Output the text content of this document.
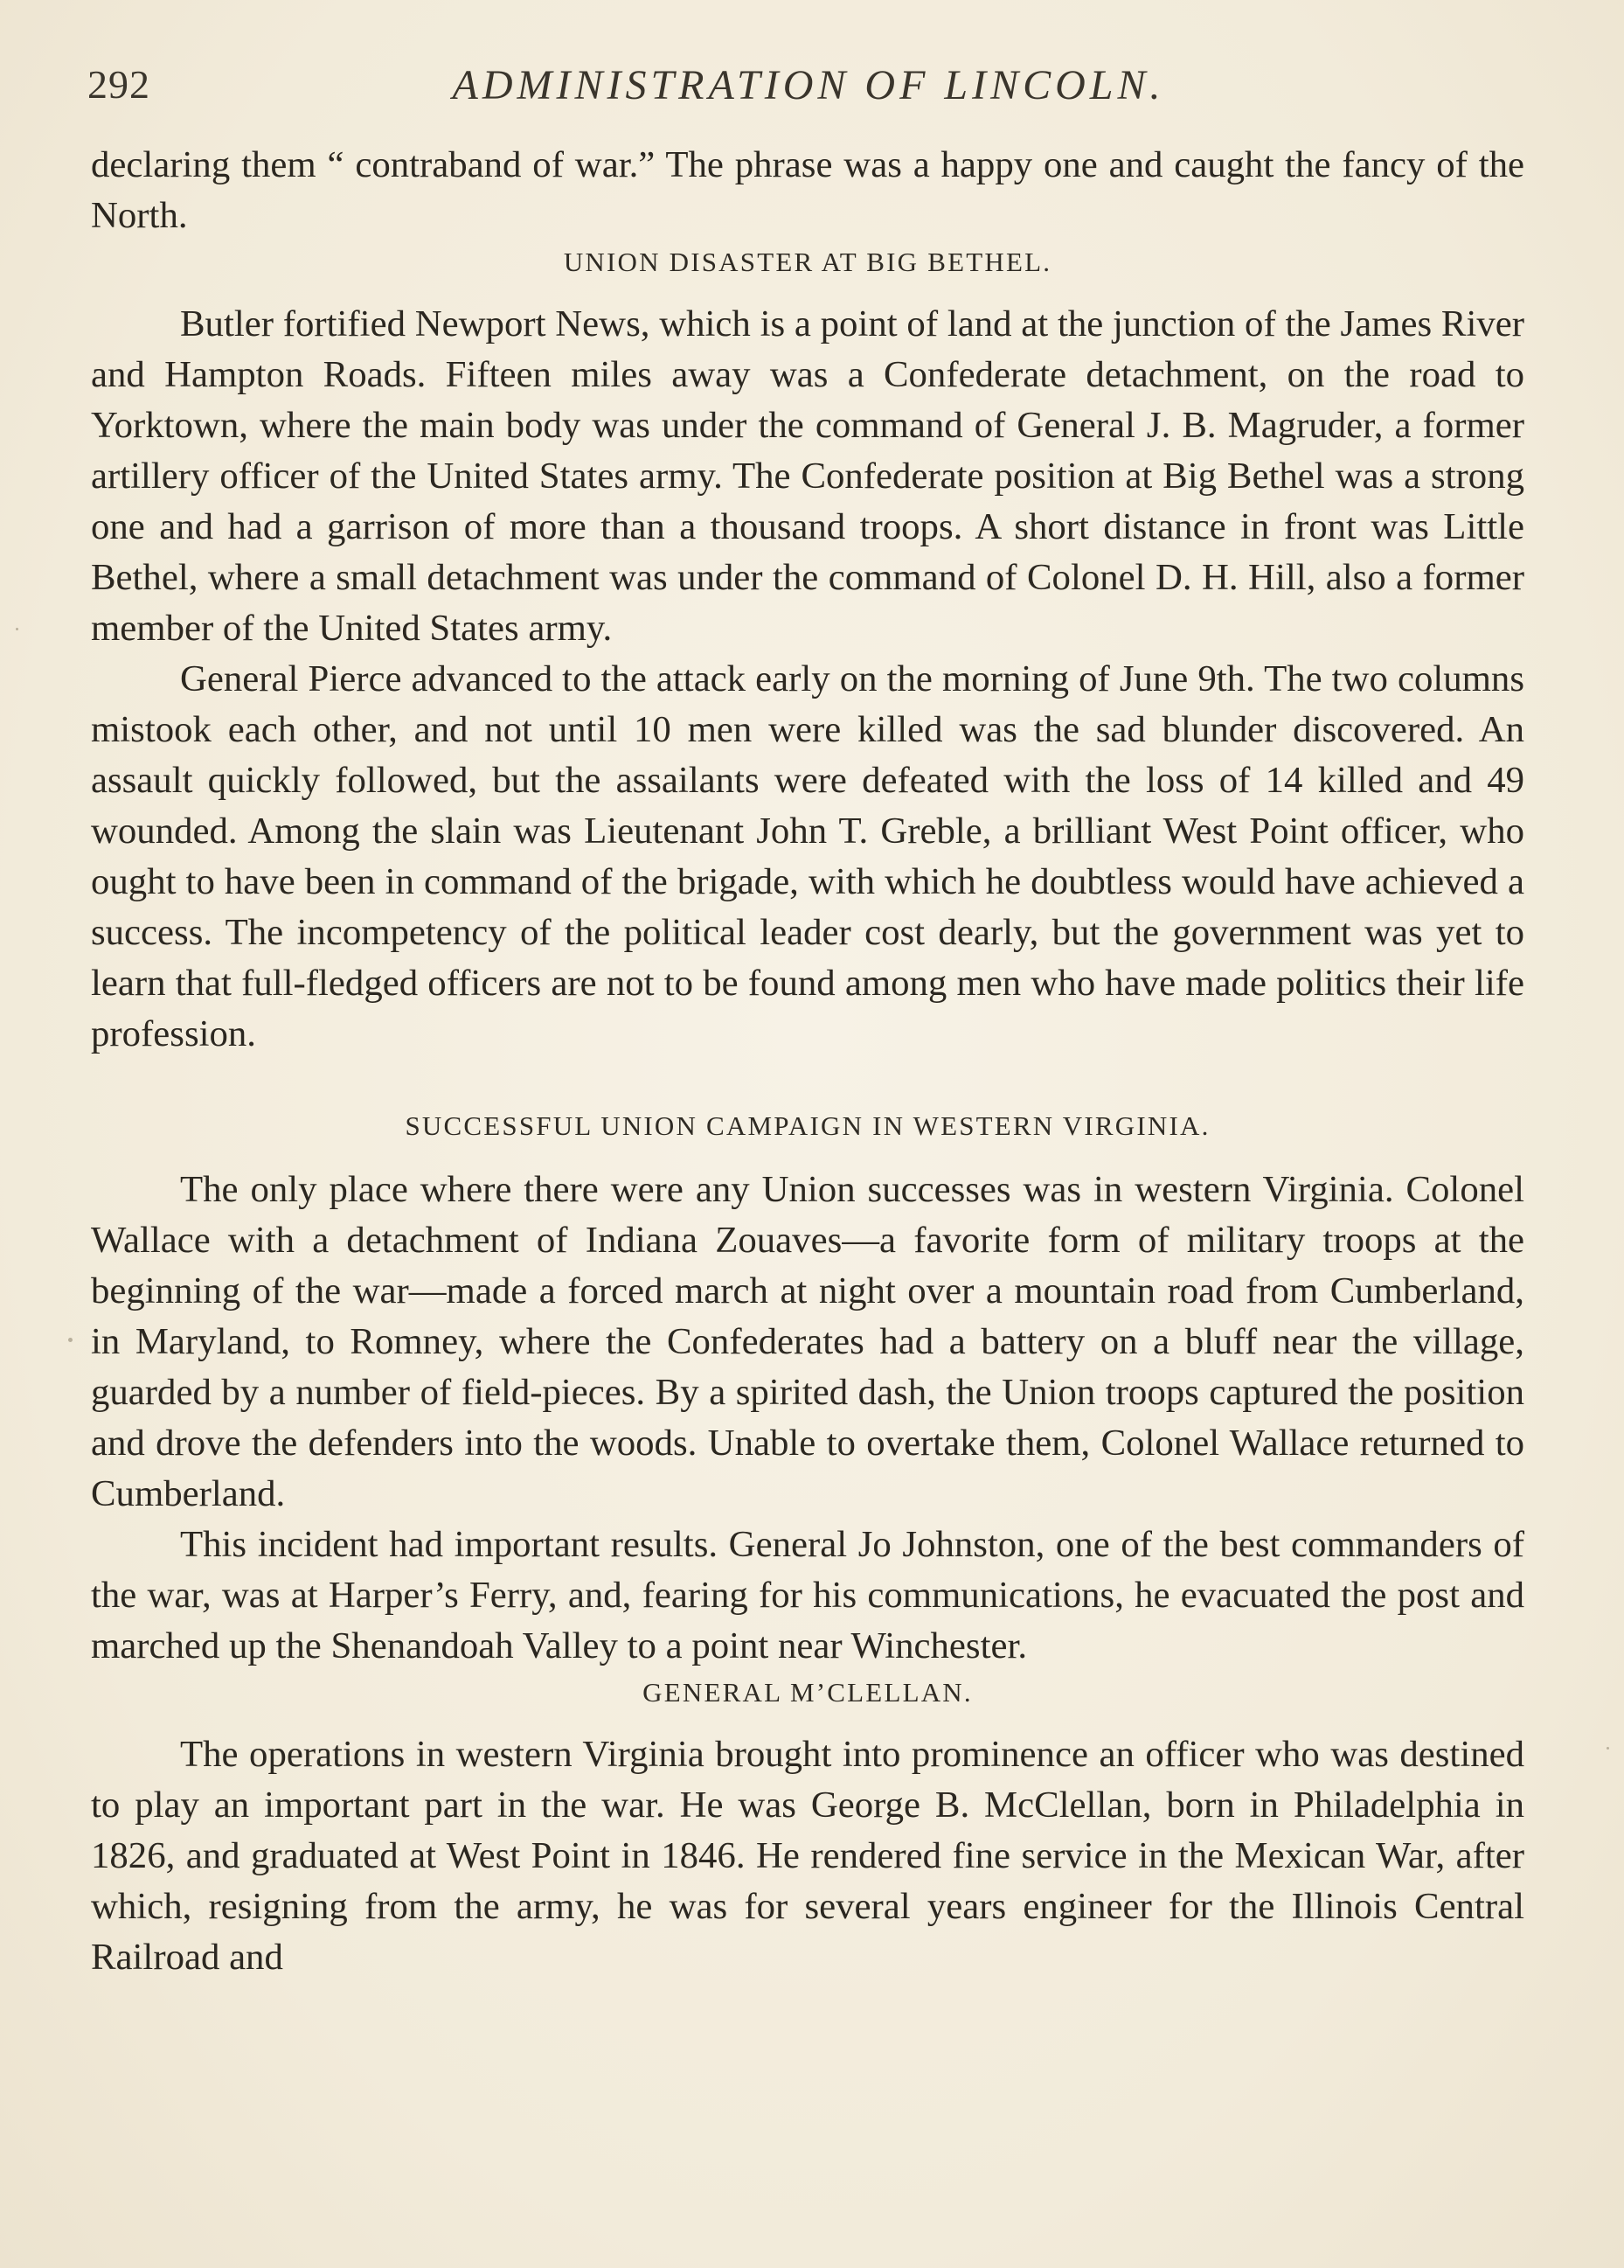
292	ADMINISTRATION OF LINCOLN.

declaring them “ contraband of war.” The phrase was a happy one and caught the fancy of the North.

UNION DISASTER AT BIG BETHEL.

Butler fortified Newport News, which is a point of land at the junction of the James River and Hampton Roads. Fifteen miles away was a Confederate detachment, on the road to Yorktown, where the main body was under the command of General J. B. Magruder, a former artillery officer of the United States army. The Confederate position at Big Bethel was a strong one and had a garrison of more than a thousand troops. A short distance in front was Little Bethel, where a small detachment was under the command of Colonel D. H. Hill, also a former member of the United States army.

General Pierce advanced to the attack early on the morning of June 9th. The two columns mistook each other, and not until 10 men were killed was the sad blunder discovered. An assault quickly followed, but the assailants were defeated with the loss of 14 killed and 49 wounded. Among the slain was Lieutenant John T. Greble, a brilliant West Point officer, who ought to have been in command of the brigade, with which he doubtless would have achieved a success. The incompetency of the political leader cost dearly, but the government was yet to learn that full-fledged officers are not to be found among men who have made politics their life profession.

SUCCESSFUL UNION CAMPAIGN IN WESTERN VIRGINIA.

The only place where there were any Union successes was in western Virginia. Colonel Wallace with a detachment of Indiana Zouaves—a favorite form of military troops at the beginning of the war—made a forced march at night over a mountain road from Cumberland, in Maryland, to Romney, where the Confederates had a battery on a bluff near the village, guarded by a number of field-pieces. By a spirited dash, the Union troops captured the position and drove the defenders into the woods. Unable to overtake them, Colonel Wallace returned to Cumberland.

This incident had important results. General Jo Johnston, one of the best commanders of the war, was at Harper’s Ferry, and, fearing for his communications, he evacuated the post and marched up the Shenandoah Valley to a point near Winchester.

GENERAL M’CLELLAN.

The operations in western Virginia brought into prominence an officer who was destined to play an important part in the war. He was George B. McClellan, born in Philadelphia in 1826, and graduated at West Point in 1846. He rendered fine service in the Mexican War, after which, resigning from the army, he was for several years engineer for the Illinois Central Railroad and
